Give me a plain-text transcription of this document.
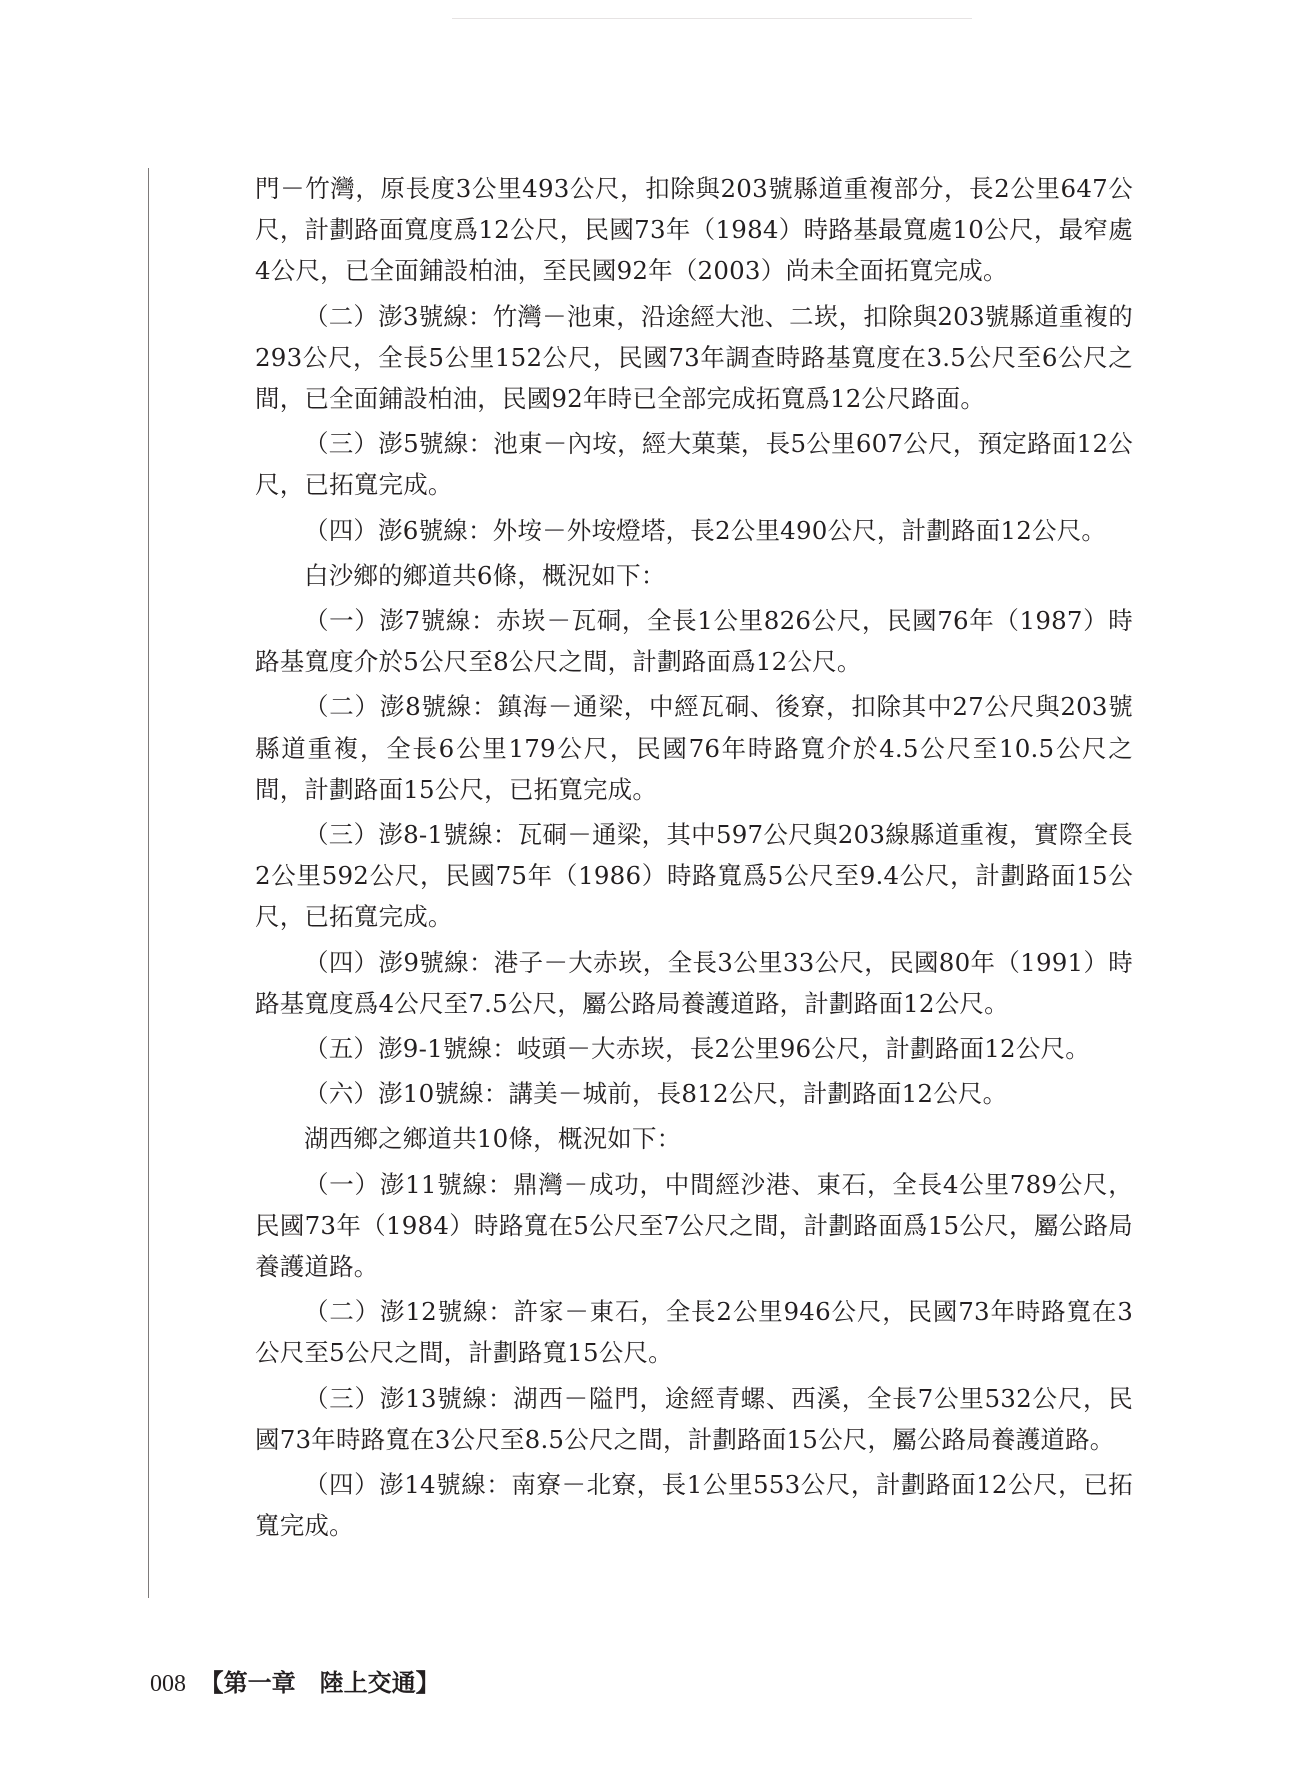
門－竹灣，原長度3公里493公尺，扣除與203號縣道重複部分，長2公里647公尺，計劃路面寬度爲12公尺，民國73年（1984）時路基最寬處10公尺，最窄處4公尺，已全面鋪設柏油，至民國92年（2003）尚未全面拓寬完成。

（二）澎3號線：竹灣－池東，沿途經大池、二崁，扣除與203號縣道重複的293公尺，全長5公里152公尺，民國73年調查時路基寬度在3.5公尺至6公尺之間，已全面鋪設柏油，民國92年時已全部完成拓寬爲12公尺路面。

（三）澎5號線：池東－內垵，經大菓葉，長5公里607公尺，預定路面12公尺，已拓寬完成。

（四）澎6號線：外垵－外垵燈塔，長2公里490公尺，計劃路面12公尺。

白沙鄉的鄉道共6條，概況如下：

（一）澎7號線：赤崁－瓦硐，全長1公里826公尺，民國76年（1987）時路基寬度介於5公尺至8公尺之間，計劃路面爲12公尺。

（二）澎8號線：鎮海－通梁，中經瓦硐、後寮，扣除其中27公尺與203號縣道重複，全長6公里179公尺，民國76年時路寬介於4.5公尺至10.5公尺之間，計劃路面15公尺，已拓寬完成。

（三）澎8-1號線：瓦硐－通梁，其中597公尺與203線縣道重複，實際全長2公里592公尺，民國75年（1986）時路寬爲5公尺至9.4公尺，計劃路面15公尺，已拓寬完成。

（四）澎9號線：港子－大赤崁，全長3公里33公尺，民國80年（1991）時路基寬度爲4公尺至7.5公尺，屬公路局養護道路，計劃路面12公尺。

（五）澎9-1號線：岐頭－大赤崁，長2公里96公尺，計劃路面12公尺。

（六）澎10號線：講美－城前，長812公尺，計劃路面12公尺。

湖西鄉之鄉道共10條，概況如下：

（一）澎11號線：鼎灣－成功，中間經沙港、東石，全長4公里789公尺，民國73年（1984）時路寬在5公尺至7公尺之間，計劃路面爲15公尺，屬公路局養護道路。

（二）澎12號線：許家－東石，全長2公里946公尺，民國73年時路寬在3公尺至5公尺之間，計劃路寬15公尺。

（三）澎13號線：湖西－隘門，途經青螺、西溪，全長7公里532公尺，民國73年時路寬在3公尺至8.5公尺之間，計劃路面15公尺，屬公路局養護道路。

（四）澎14號線：南寮－北寮，長1公里553公尺，計劃路面12公尺，已拓寬完成。

008 【第一章　陸上交通】
